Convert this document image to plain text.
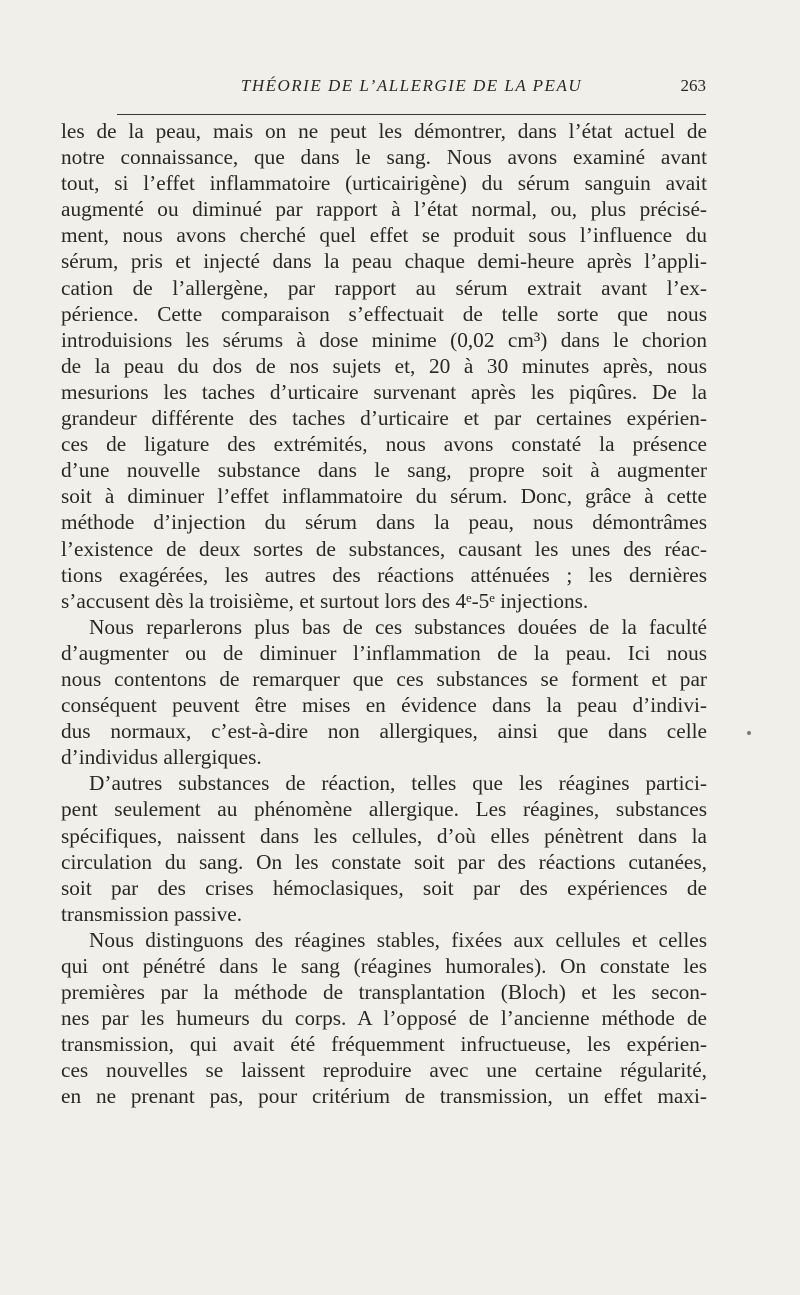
THÉORIE DE L’ALLERGIE DE LA PEAU	263
les de la peau, mais on ne peut les démontrer, dans l’état actuel de
notre connaissance, que dans le sang. Nous avons examiné avant
tout, si l’effet inflammatoire (urticairigène) du sérum sanguin avait
augmenté ou diminué par rapport à l’état normal, ou, plus précisé-
ment, nous avons cherché quel effet se produit sous l’influence du
sérum, pris et injecté dans la peau chaque demi-heure après l’appli-
cation de l’allergène, par rapport au sérum extrait avant l’ex-
périence. Cette comparaison s’effectuait de telle sorte que nous
introduisions les sérums à dose minime (0,02 cm³) dans le chorion
de la peau du dos de nos sujets et, 20 à 30 minutes après, nous
mesurions les taches d’urticaire survenant après les piqûres. De la
grandeur différente des taches d’urticaire et par certaines expérien-
ces de ligature des extrémités, nous avons constaté la présence
d’une nouvelle substance dans le sang, propre soit à augmenter
soit à diminuer l’effet inflammatoire du sérum. Donc, grâce à cette
méthode d’injection du sérum dans la peau, nous démontrâmes
l’existence de deux sortes de substances, causant les unes des réac-
tions exagérées, les autres des réactions atténuées ; les dernières
s’accusent dès la troisième, et surtout lors des 4ᵉ-5ᵉ injections.
Nous reparlerons plus bas de ces substances douées de la faculté
d’augmenter ou de diminuer l’inflammation de la peau. Ici nous
nous contentons de remarquer que ces substances se forment et par
conséquent peuvent être mises en évidence dans la peau d’indivi-
dus normaux, c’est-à-dire non allergiques, ainsi que dans celle
d’individus allergiques.
D’autres substances de réaction, telles que les réagines partici-
pent seulement au phénomène allergique. Les réagines, substances
spécifiques, naissent dans les cellules, d’où elles pénètrent dans la
circulation du sang. On les constate soit par des réactions cutanées,
soit par des crises hémoclasiques, soit par des expériences de
transmission passive.
Nous distinguons des réagines stables, fixées aux cellules et celles
qui ont pénétré dans le sang (réagines humorales). On constate les
premières par la méthode de transplantation (Bloch) et les secon-
nes par les humeurs du corps. A l’opposé de l’ancienne méthode de
transmission, qui avait été fréquemment infructueuse, les expérien-
ces nouvelles se laissent reproduire avec une certaine régularité,
en ne prenant pas, pour critérium de transmission, un effet maxi-
